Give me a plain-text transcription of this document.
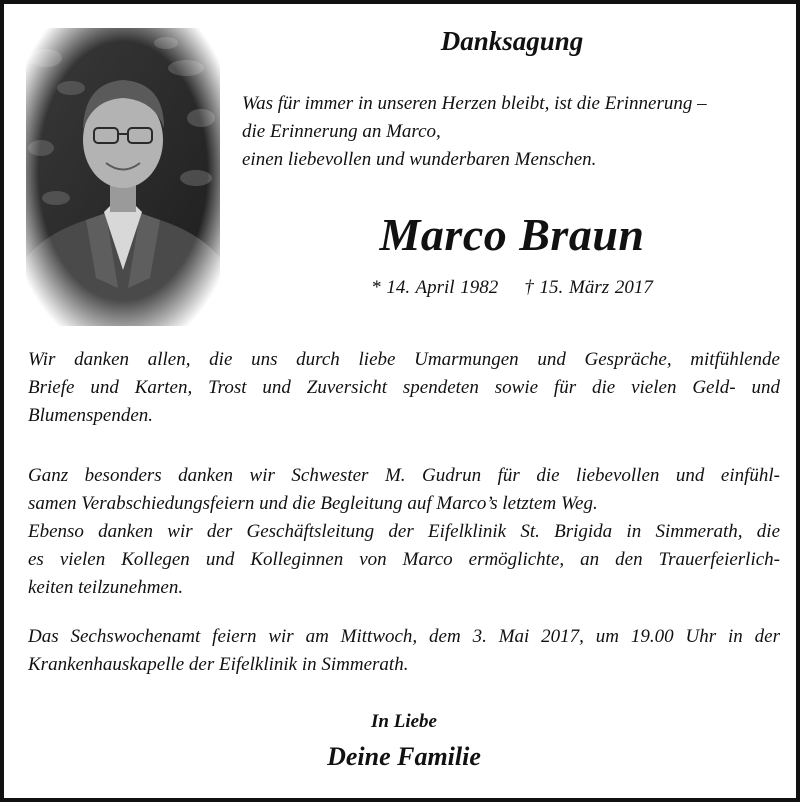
Danksagung
Was für immer in unseren Herzen bleibt, ist die Erinnerung –
die Erinnerung an Marco,
einen liebevollen und wunderbaren Menschen.
Marco Braun
* 14. April 1982 † 15. März 2017
Wir danken allen, die uns durch liebe Umarmungen und Gespräche, mitfühlende
Briefe und Karten, Trost und Zuversicht spendeten sowie für die vielen Geld- und
Blumenspenden.
Ganz besonders danken wir Schwester M. Gudrun für die liebevollen und einfühl-
samen Verabschiedungsfeiern und die Begleitung auf Marco’s letztem Weg.
Ebenso danken wir der Geschäftsleitung der Eifelklinik St. Brigida in Simmerath, die
es vielen Kollegen und Kolleginnen von Marco ermöglichte, an den Trauerfeierlich-
keiten teilzunehmen.
Das Sechswochenamt feiern wir am Mittwoch, dem 3. Mai 2017, um 19.00 Uhr in der
Krankenhauskapelle der Eifelklinik in Simmerath.
In Liebe
Deine Familie
